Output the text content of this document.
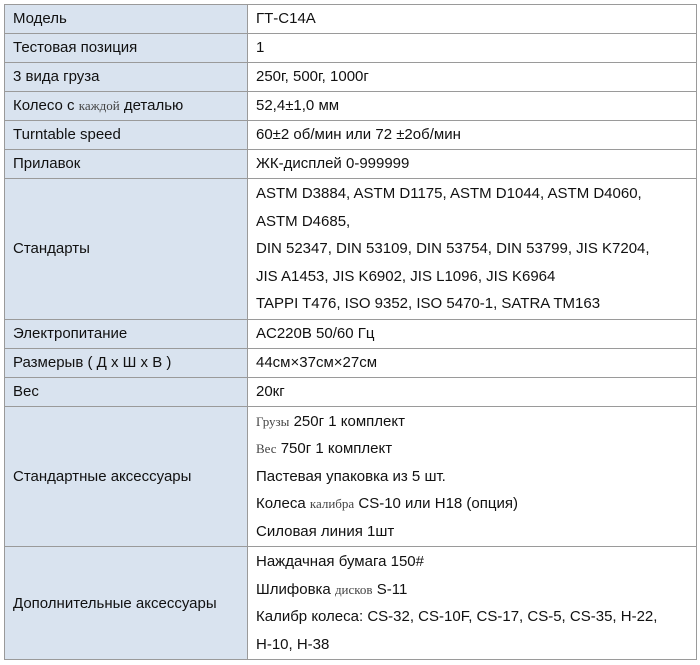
Модель	ГТ-С14А
Тестовая позиция	1
3 вида груза	250г, 500г, 1000г
Колесо с каждой деталью	52,4±1,0 мм
Turntable speed	60±2 об/мин или 72 ±2об/мин
Прилавок	ЖК-дисплей 0-999999
Стандарты	ASTM D3884, ASTM D1175, ASTM D1044, ASTM D4060,
ASTM D4685,
DIN 52347, DIN 53109, DIN 53754, DIN 53799, JIS K7204,
JIS A1453, JIS K6902, JIS L1096, JIS K6964
TAPPI T476, ISO 9352, ISO 5470-1, SATRA TM163

Электропитание	AC220B 50/60 Гц
Размерыв ( Д х Ш х В )	44см×37см×27см
Вес	20кг
Стандартные аксессуары	Грузы 250г 1 комплект
Вес 750г 1 комплект
Пастевая упаковка из 5 шт.
Колеса калибра CS-10 или H18 (опция)
Силовая линия 1шт

Дополнительные аксессуары	Наждачная бумага 150#
Шлифовка дисков S-11
Калибр колеса: CS-32, CS-10F, CS-17, CS-5, CS-35, H-22,
H-10, H-38
